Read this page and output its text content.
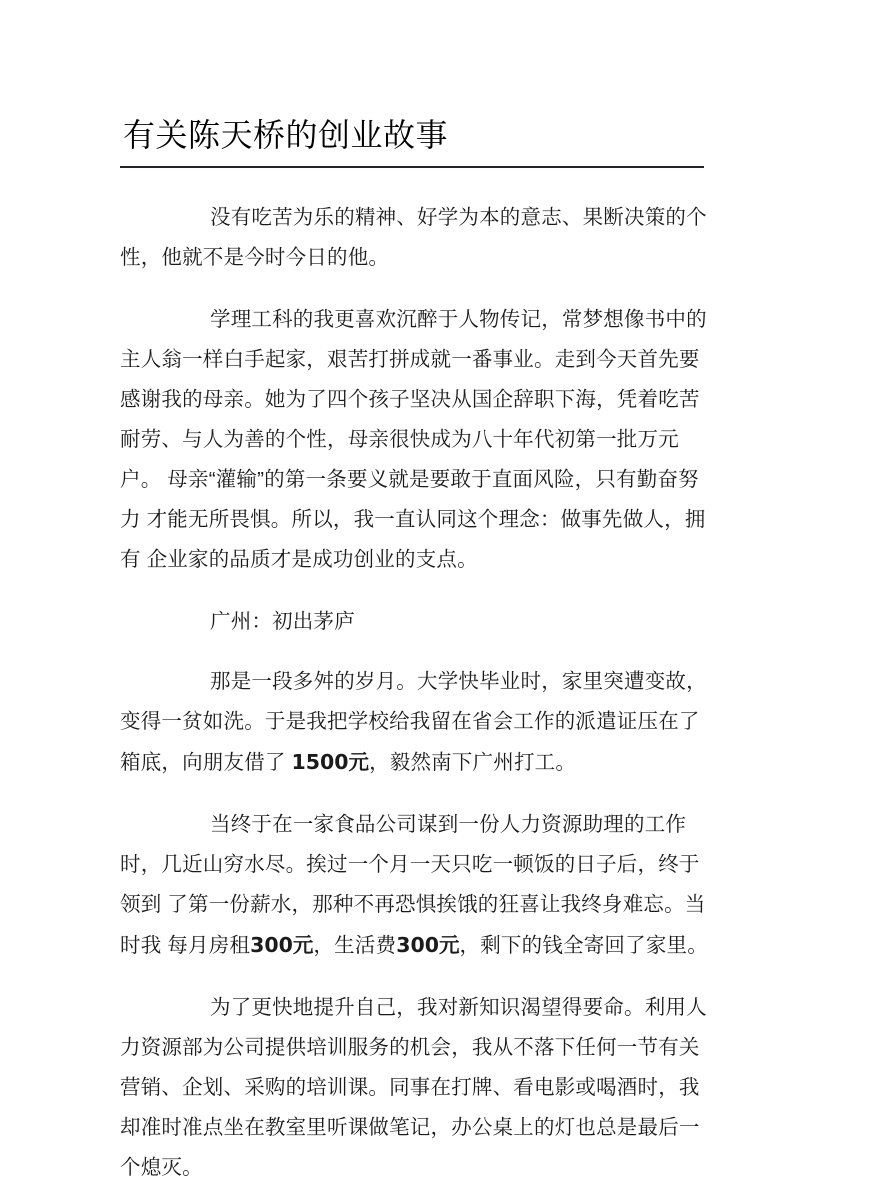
有关陈天桥的创业故事

没有吃苦为乐的精神、好学为本的意志、果断决策的个性，他就不是今时今日的他。

学理工科的我更喜欢沉醉于人物传记，常梦想像书中的 主人翁一样白手起家，艰苦打拼成就一番事业。走到今天首先要 感谢我的母亲。她为了四个孩子坚决从国企辞职下海，凭着吃苦 耐劳、与人为善的个性，母亲很快成为八十年代初第一批万元户。 母亲“灌输”的第一条要义就是要敢于直面风险，只有勤奋努力 才能无所畏惧。所以，我一直认同这个理念：做事先做人，拥有 企业家的品质才是成功创业的支点。

广州：初出茅庐

那是一段多舛的岁月。大学快毕业时，家里突遭变故， 变得一贫如洗。于是我把学校给我留在省会工作的派遣证压在了 箱底，向朋友借了 1500元，毅然南下广州打工。

当终于在一家食品公司谋到一份人力资源助理的工作时，几近山穷水尽。挨过一个月一天只吃一顿饭的日子后，终于领到 了第一份薪水，那种不再恐惧挨饿的狂喜让我终身难忘。当时我 每月房租300元，生活费300元，剩下的钱全寄回了家里。

为了更快地提升自己，我对新知识渴望得要命。利用人 力资源部为公司提供培训服务的机会，我从不落下任何一节有关 营销、企划、采购的培训课。同事在打牌、看电影或喝酒时，我 却准时准点坐在教室里听课做笔记，办公桌上的灯也总是最后一 个熄灭。
